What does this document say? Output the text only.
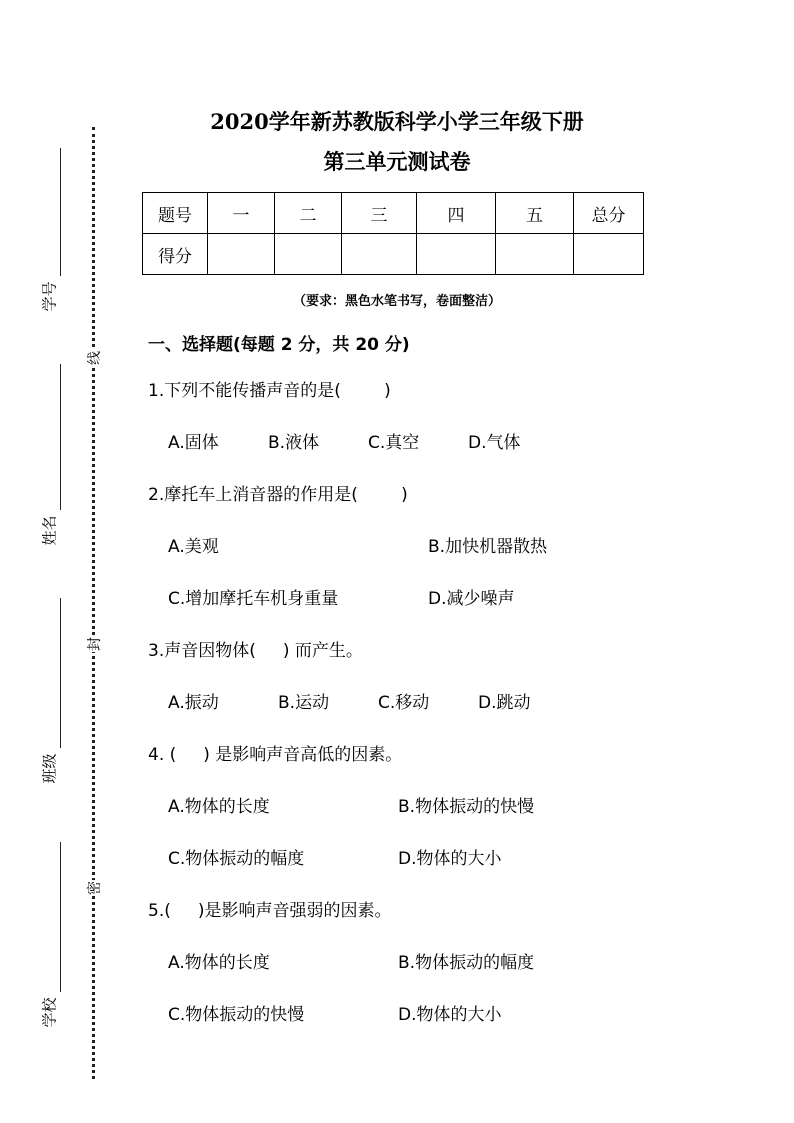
学号
姓名
班级
学校
线
封
密
2020学年新苏教版科学小学三年级下册
第三单元测试卷
题号	一	二	三	四	五	总分
得分						
（要求：黑色水笔书写，卷面整洁）
一、选择题(每题 2 分，共 20 分)
1.下列不能传播声音的是(        )
A.固体	B.液体	C.真空	D.气体
2.摩托车上消音器的作用是(        )
A.美观	B.加快机器散热
C.增加摩托车机身重量	D.减少噪声
3.声音因物体(     ) 而产生。
A.振动	B.运动	C.移动	D.跳动
4. (     ) 是影响声音高低的因素。
A.物体的长度	B.物体振动的快慢
C.物体振动的幅度	D.物体的大小
5.(     )是影响声音强弱的因素。
A.物体的长度	B.物体振动的幅度
C.物体振动的快慢	D.物体的大小
